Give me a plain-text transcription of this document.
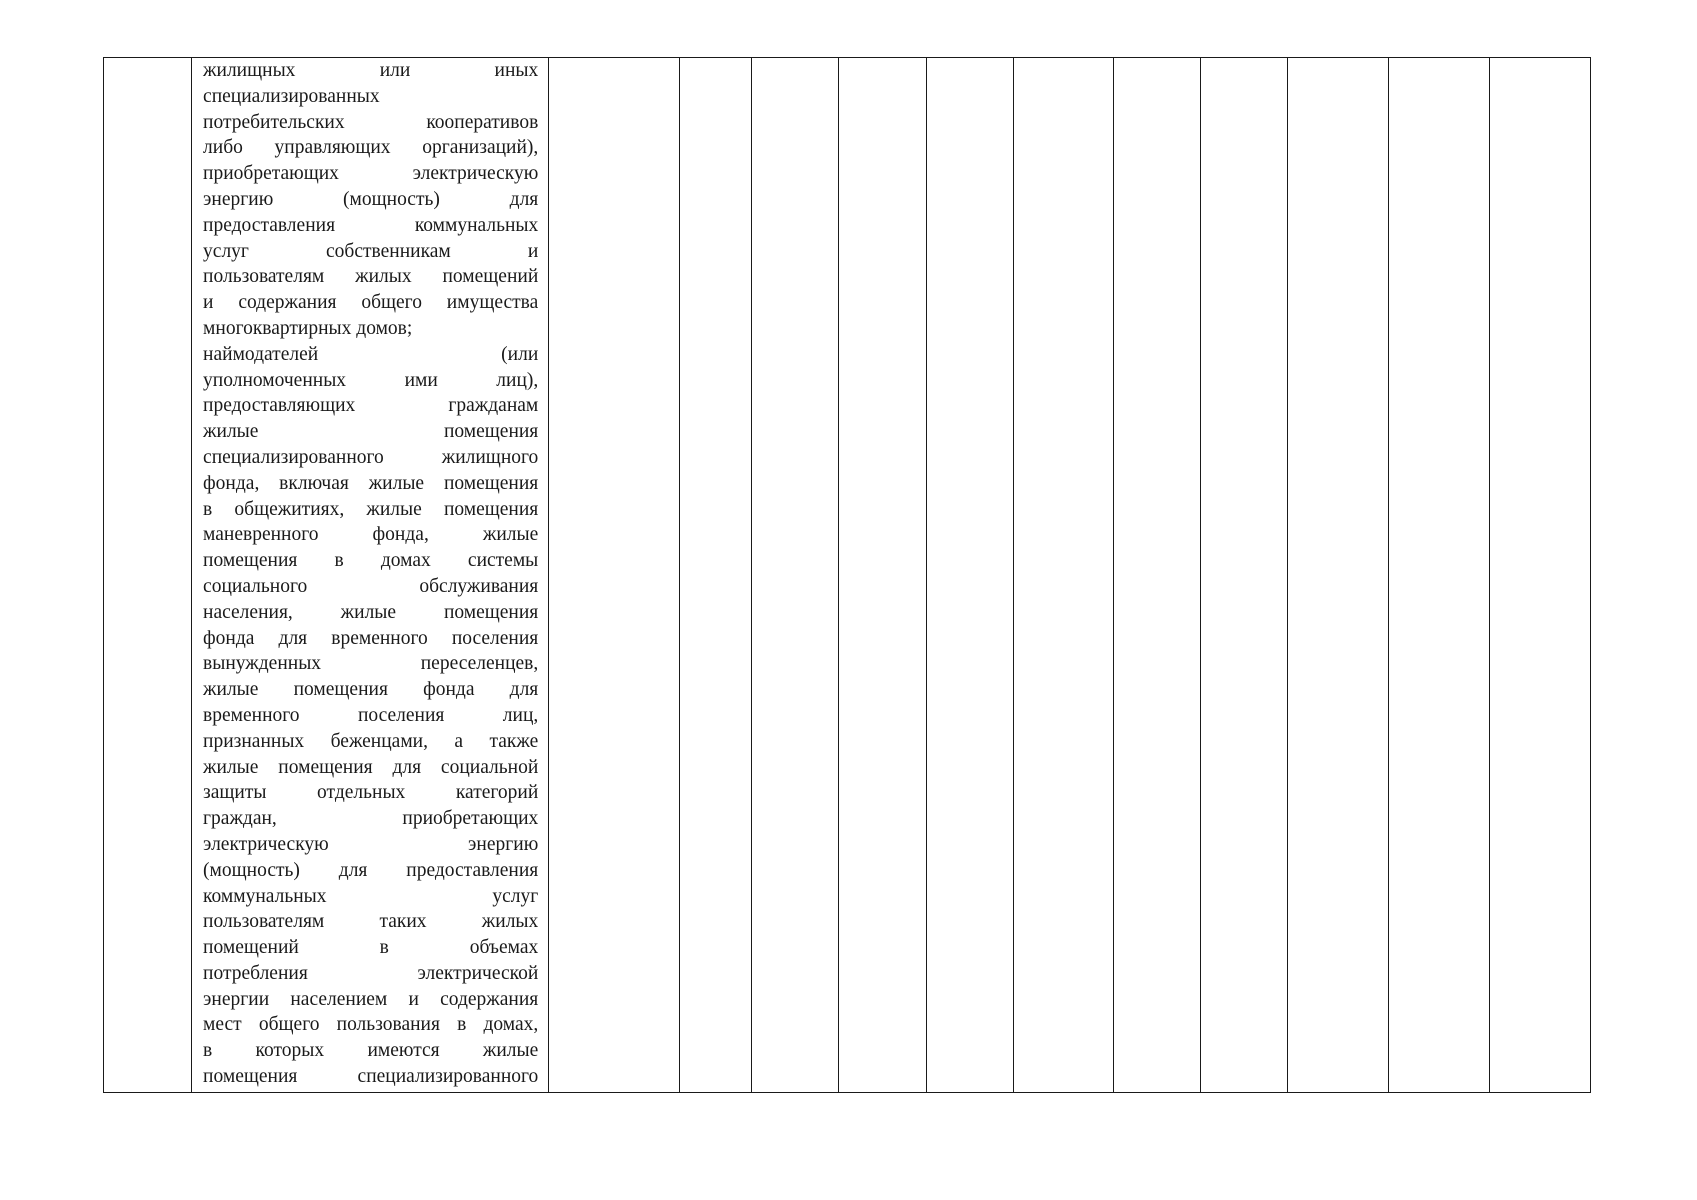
жилищных или иных
специализированных
потребительских кооперативов
либо управляющих организаций),
приобретающих электрическую
энергию (мощность) для
предоставления коммунальных
услуг собственникам и
пользователям жилых помещений
и содержания общего имущества
многоквартирных домов;
наймодателей (или
уполномоченных ими лиц),
предоставляющих гражданам
жилые помещения
специализированного жилищного
фонда, включая жилые помещения
в общежитиях, жилые помещения
маневренного фонда, жилые
помещения в домах системы
социального обслуживания
населения, жилые помещения
фонда для временного поселения
вынужденных переселенцев,
жилые помещения фонда для
временного поселения лиц,
признанных беженцами, а также
жилые помещения для социальной
защиты отдельных категорий
граждан, приобретающих
электрическую энергию
(мощность) для предоставления
коммунальных услуг
пользователям таких жилых
помещений в объемах
потребления электрической
энергии населением и содержания
мест общего пользования в домах,
в которых имеются жилые
помещения специализированного
